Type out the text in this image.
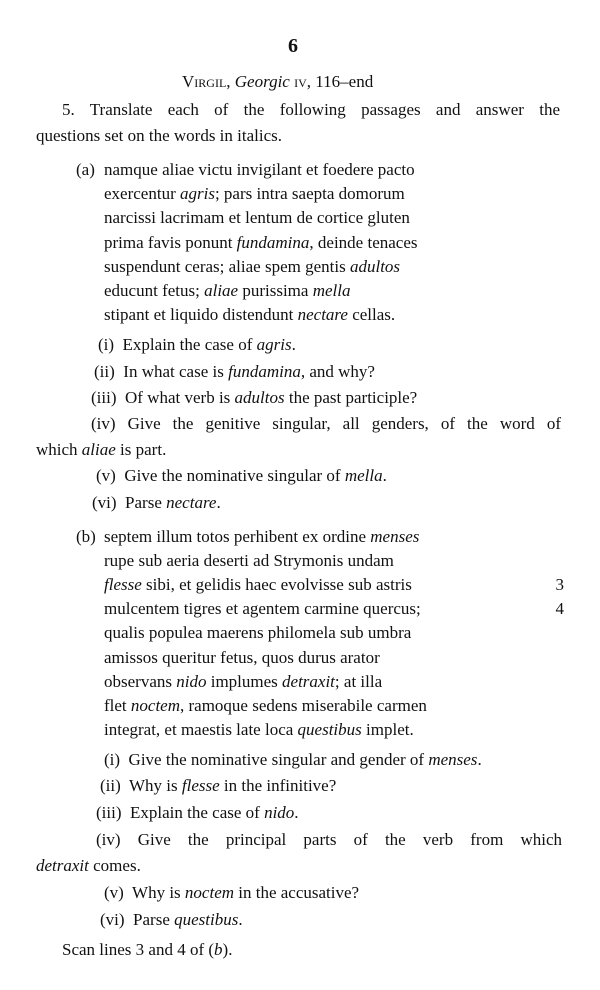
6
Virgil, Georgic iv, 116–end
5. Translate each of the following passages and answer the
questions set on the words in italics.
(a) namque aliae victu invigilant et foedere pacto
exercentur agris; pars intra saepta domorum
narcissi lacrimam et lentum de cortice gluten
prima favis ponunt fundamina, deinde tenaces
suspendunt ceras; aliae spem gentis adultos
educunt fetus; aliae purissima mella
stipant et liquido distendunt nectare cellas.
(i) Explain the case of agris.
(ii) In what case is fundamina, and why?
(iii) Of what verb is adultos the past participle?
(iv) Give the genitive singular, all genders, of the word of
which aliae is part.
(v) Give the nominative singular of mella.
(vi) Parse nectare.
(b) septem illum totos perhibent ex ordine menses
rupe sub aeria deserti ad Strymonis undam
flesse sibi, et gelidis haec evolvisse sub astris	3
mulcentem tigres et agentem carmine quercus;	4
qualis populea maerens philomela sub umbra
amissos queritur fetus, quos durus arator
observans nido implumes detraxit; at illa
flet noctem, ramoque sedens miserabile carmen
integrat, et maestis late loca questibus implet.
(i) Give the nominative singular and gender of menses.
(ii) Why is flesse in the infinitive?
(iii) Explain the case of nido.
(iv) Give the principal parts of the verb from which
detraxit comes.
(v) Why is noctem in the accusative?
(vi) Parse questibus.
Scan lines 3 and 4 of (b).
